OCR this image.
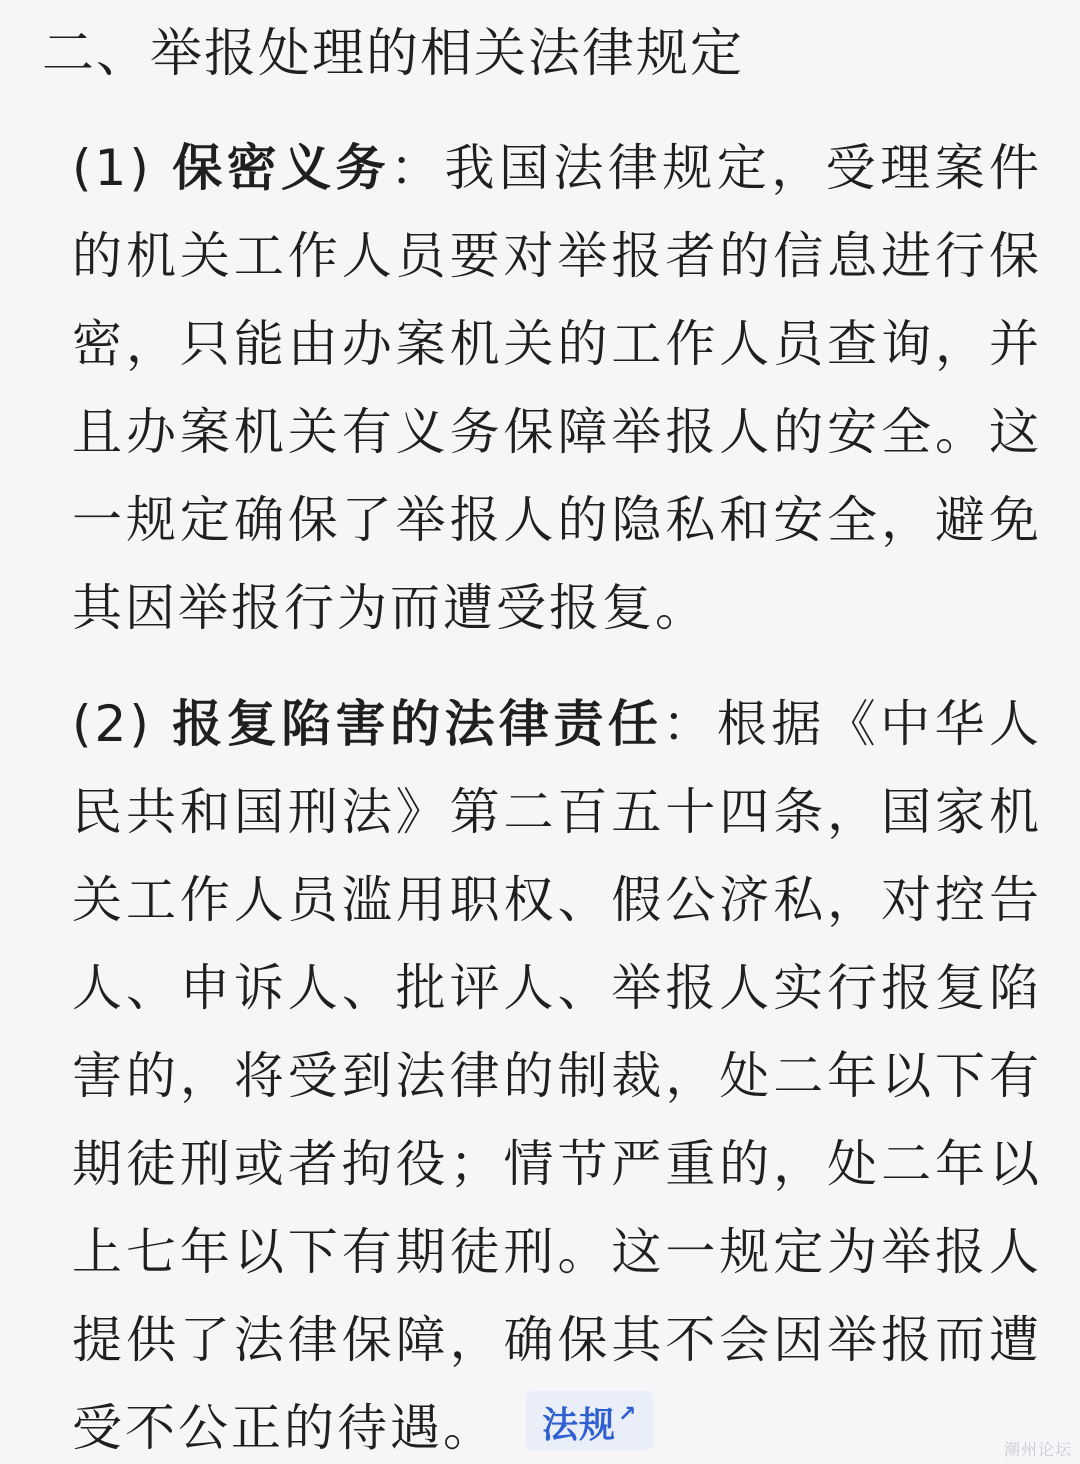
二、举报处理的相关法律规定

(1) 保密义务：我国法律规定，受理案件的机关工作人员要对举报者的信息进行保密，只能由办案机关的工作人员查询，并且办案机关有义务保障举报人的安全。这一规定确保了举报人的隐私和安全，避免其因举报行为而遭受报复。

(2) 报复陷害的法律责任：根据《中华人民共和国刑法》第二百五十四条，国家机关工作人员滥用职权、假公济私，对控告人、申诉人、批评人、举报人实行报复陷害的，将受到法律的制裁，处二年以下有期徒刑或者拘役；情节严重的，处二年以上七年以下有期徒刑。这一规定为举报人提供了法律保障，确保其不会因举报而遭受不公正的待遇。 法规↗

潮州论坛
